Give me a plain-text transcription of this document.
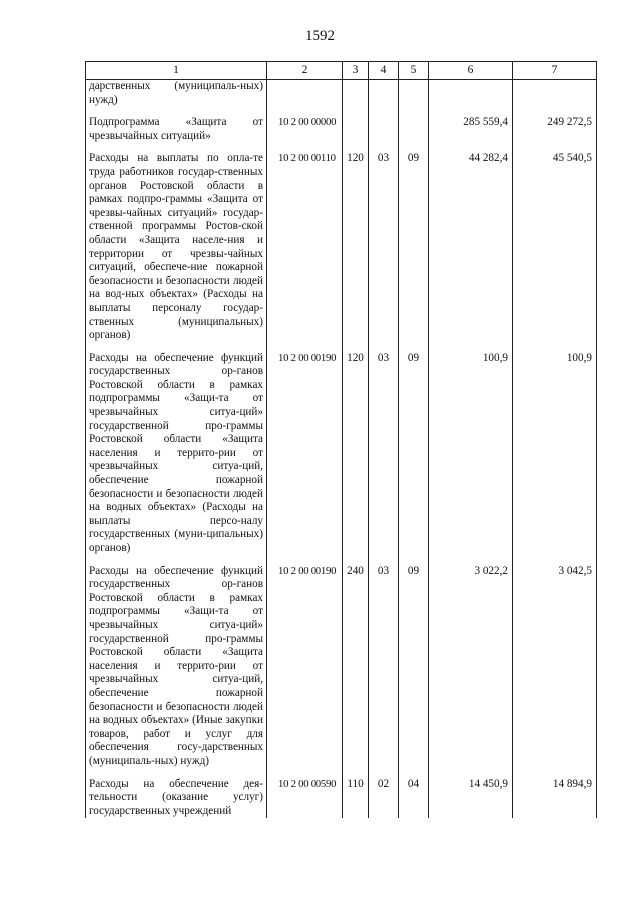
1592
1	2	3	4	5	6	7
дарственных (муниципаль-ных) нужд)						
Подпрограмма «Защита от чрезвычайных ситуаций»	10 2 00 00000				285 559,4	249 272,5
Расходы на выплаты по опла-те труда работников государ-ственных органов Ростовской области в рамках подпро-граммы «Защита от чрезвы-чайных ситуаций» государ-ственной программы Ростов-ской области «Защита населе-ния и территории от чрезвы-чайных ситуаций, обеспече-ние пожарной безопасности и безопасности людей на вод-ных объектах» (Расходы на выплаты персоналу государ-ственных (муниципальных) органов)	10 2 00 00110	120	03	09	44 282,4	45 540,5
Расходы на обеспечение функций государственных ор-ганов Ростовской области в рамках подпрограммы «Защи-та от чрезвычайных ситуа-ций» государственной про-граммы Ростовской области «Защита населения и террито-рии от чрезвычайных ситуа-ций, обеспечение пожарной безопасности и безопасности людей на водных объектах» (Расходы на выплаты персо-налу государственных (муни-ципальных) органов)	10 2 00 00190	120	03	09	100,9	100,9
Расходы на обеспечение функций государственных ор-ганов Ростовской области в рамках подпрограммы «Защи-та от чрезвычайных ситуа-ций» государственной про-граммы Ростовской области «Защита населения и террито-рии от чрезвычайных ситуа-ций, обеспечение пожарной безопасности и безопасности людей на водных объектах» (Иные закупки товаров, работ и услуг для обеспечения госу-дарственных (муниципаль-ных) нужд)	10 2 00 00190	240	03	09	3 022,2	3 042,5
Расходы на обеспечение дея-тельности (оказание услуг) государственных учреждений	10 2 00 00590	110	02	04	14 450,9	14 894,9
